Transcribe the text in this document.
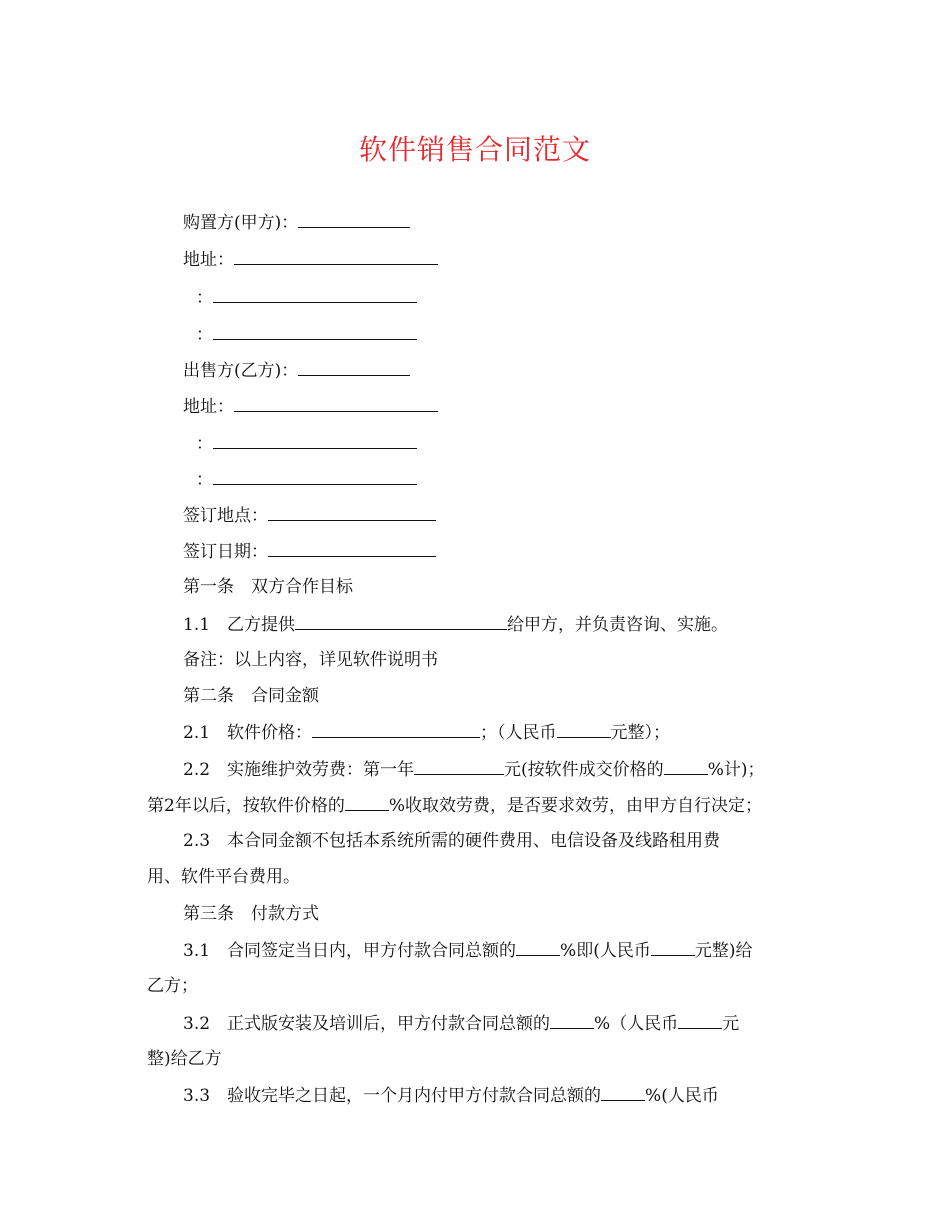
软件销售合同范文
购置方(甲方)：
地址：
：
：
出售方(乙方)：
地址：
：
：
签订地点：
签订日期：
第一条　双方合作目标
1.1　乙方提供	给甲方，并负责咨询、实施。
备注：以上内容，详见软件说明书
第二条　合同金额
2.1　软件价格：	；（人民币	元整）；
2.2　实施维护效劳费：第一年	元(按软件成交价格的	%计)；
第2年以后，按软件价格的	%收取效劳费，是否要求效劳，由甲方自行决定；
2.3　本合同金额不包括本系统所需的硬件费用、电信设备及线路租用费
用、软件平台费用。
第三条　付款方式
3.1　合同签定当日内，甲方付款合同总额的	%即(人民币	元整)给
乙方；
3.2　正式版安装及培训后，甲方付款合同总额的	%（人民币	元
整)给乙方
3.3　验收完毕之日起，一个月内付甲方付款合同总额的	%(人民币
